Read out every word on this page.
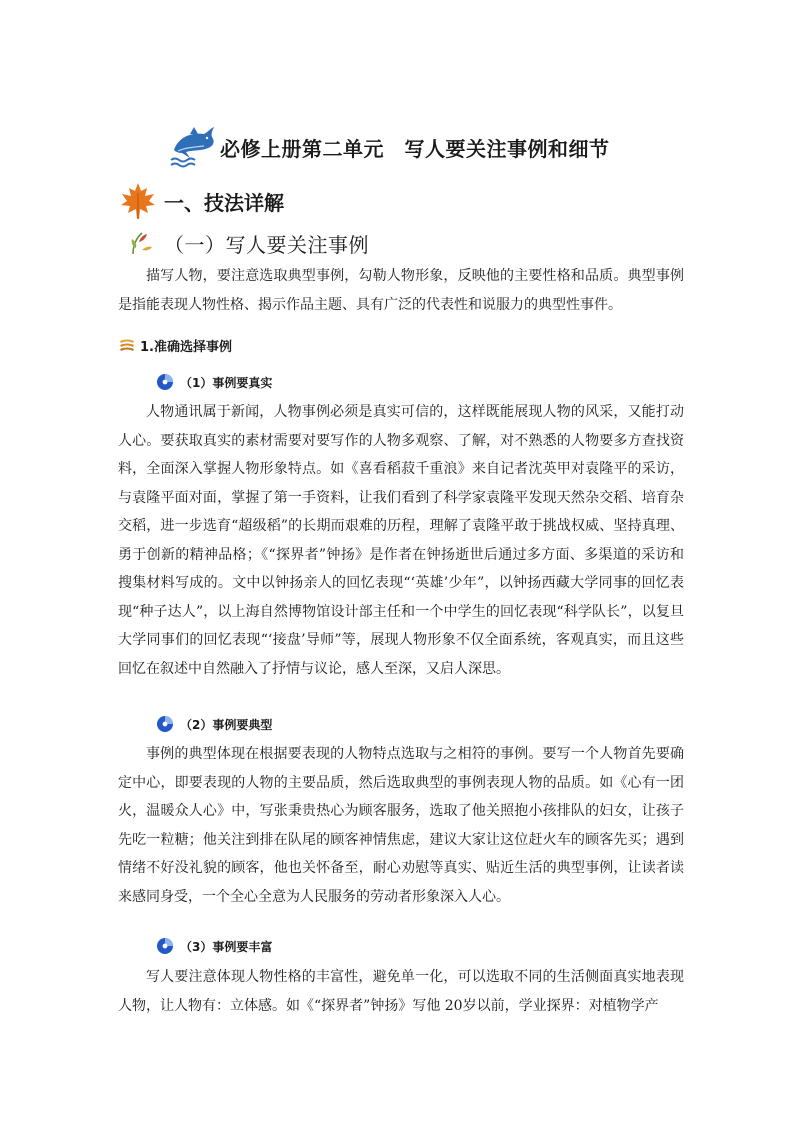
必修上册第二单元　写人要关注事例和细节
一、技法详解
（一）写人要关注事例

描写人物，要注意选取典型事例，勾勒人物形象，反映他的主要性格和品质。典型事例是指能表现人物性格、揭示作品主题、具有广泛的代表性和说服力的典型性事件。

1.准确选择事例
（1）事例要真实

人物通讯属于新闻，人物事例必须是真实可信的，这样既能展现人物的风采，又能打动人心。要获取真实的素材需要对要写作的人物多观察、了解，对不熟悉的人物要多方查找资料，全面深入掌握人物形象特点。如《喜看稻菽千重浪》来自记者沈英甲对袁隆平的采访，与袁隆平面对面，掌握了第一手资料，让我们看到了科学家袁隆平发现天然杂交稻、培育杂交稻，进一步选育“超级稻”的长期而艰难的历程，理解了袁隆平敢于挑战权威、坚持真理、勇于创新的精神品格；《“探界者”钟扬》是作者在钟扬逝世后通过多方面、多渠道的采访和搜集材料写成的。文中以钟扬亲人的回忆表现“‘英雄’少年”，以钟扬西藏大学同事的回忆表现“种子达人”，以上海自然博物馆设计部主任和一个中学生的回忆表现“科学队长”，以复旦大学同事们的回忆表现“‘接盘’导师”等，展现人物形象不仅全面系统，客观真实，而且这些回忆在叙述中自然融入了抒情与议论，感人至深，又启人深思。

（2）事例要典型

事例的典型体现在根据要表现的人物特点选取与之相符的事例。要写一个人物首先要确定中心，即要表现的人物的主要品质，然后选取典型的事例表现人物的品质。如《心有一团火，温暖众人心》中，写张秉贵热心为顾客服务，选取了他关照抱小孩排队的妇女，让孩子先吃一粒糖；他关注到排在队尾的顾客神情焦虑，建议大家让这位赶火车的顾客先买；遇到情绪不好没礼貌的顾客，他也关怀备至，耐心劝慰等真实、贴近生活的典型事例，让读者读来感同身受，一个全心全意为人民服务的劳动者形象深入人心。

（3）事例要丰富

写人要注意体现人物性格的丰富性，避免单一化，可以选取不同的生活侧面真实地表现人物，让人物有：立体感。如《“探界者”钟扬》写他 20岁以前，学业探界：对植物学产
